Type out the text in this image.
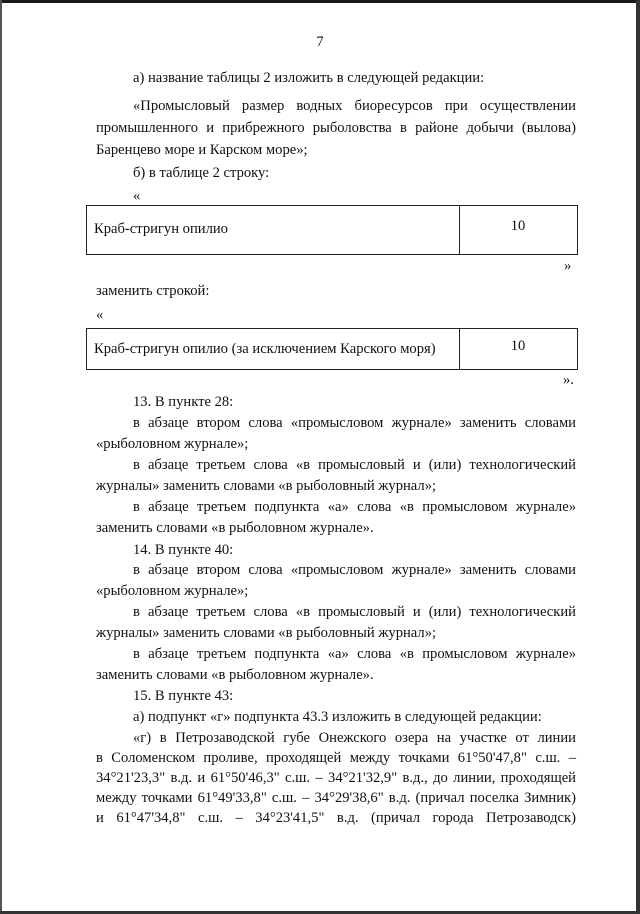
7
а) название таблицы 2 изложить в следующей редакции:
«Промысловый размер водных биоресурсов при осуществлении
промышленного и прибрежного рыболовства в районе добычи (вылова)
Баренцево море и Карском море»;
б) в таблице 2 строку:
«
Краб-стригун опилио	10
»
заменить строкой:
«
Краб-стригун опилио (за исключением Карского моря)	10
».
13. В пункте 28:
в абзаце втором слова «промысловом журнале» заменить словами
«рыболовном журнале»;
в абзаце третьем слова «в промысловый и (или) технологический
журналы» заменить словами «в рыболовный журнал»;
в абзаце третьем подпункта «а» слова «в промысловом журнале»
заменить словами «в рыболовном журнале».
14. В пункте 40:
в абзаце втором слова «промысловом журнале» заменить словами
«рыболовном журнале»;
в абзаце третьем слова «в промысловый и (или) технологический
журналы» заменить словами «в рыболовный журнал»;
в абзаце третьем подпункта «а» слова «в промысловом журнале»
заменить словами «в рыболовном журнале».
15. В пункте 43:
а) подпункт «г» подпункта 43.3 изложить в следующей редакции:
«г) в Петрозаводской губе Онежского озера на участке от линии
в Соломенском проливе, проходящей между точками 61°50'47,8" с.ш. –
34°21'23,3" в.д. и 61°50'46,3" с.ш. – 34°21'32,9" в.д., до линии, проходящей
между точками 61°49'33,8" с.ш. – 34°29'38,6" в.д. (причал поселка Зимник)
и 61°47'34,8" с.ш. – 34°23'41,5" в.д. (причал города Петрозаводск)
